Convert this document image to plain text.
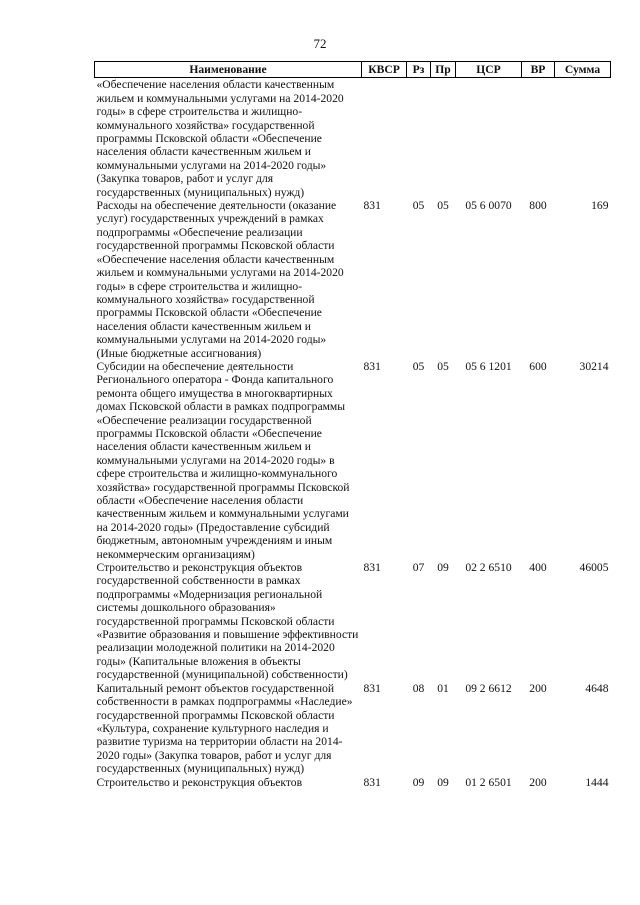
72
Наименование	КВСР	Рз	Пр	ЦСР	ВР	Сумма
«Обеспечение населения области качественным жильем и коммунальными услугами на 2014-2020 годы» в сфере строительства и жилищно-коммунального хозяйства» государственной программы Псковской области «Обеспечение населения области качественным жильем и коммунальными услугами на 2014-2020 годы» (Закупка товаров, работ и услуг для государственных (муниципальных) нужд)						
Расходы на обеспечение деятельности (оказание услуг) государственных учреждений в рамках подпрограммы «Обеспечение реализации государственной программы Псковской области «Обеспечение населения области качественным жильем и коммунальными услугами на 2014-2020 годы» в сфере строительства и жилищно-коммунального хозяйства» государственной программы Псковской области «Обеспечение населения области качественным жильем и коммунальными услугами на 2014-2020 годы» (Иные бюджетные ассигнования)	831	05	05	05 6 0070	800	169
Субсидии на обеспечение деятельности Регионального оператора - Фонда капитального ремонта общего имущества в многоквартирных домах Псковской области в рамках подпрограммы «Обеспечение реализации государственной программы Псковской области «Обеспечение населения области качественным жильем и коммунальными услугами на 2014-2020 годы» в сфере строительства и жилищно-коммунального хозяйства» государственной программы Псковской области «Обеспечение населения области качественным жильем и коммунальными услугами на 2014-2020 годы» (Предоставление субсидий бюджетным, автономным учреждениям и иным некоммерческим организациям)	831	05	05	05 6 1201	600	30214
Строительство и реконструкция объектов государственной собственности в рамках подпрограммы «Модернизация региональной системы дошкольного образования» государственной программы Псковской области «Развитие образования и повышение эффективности реализации молодежной политики на 2014-2020 годы» (Капитальные вложения в объекты государственной (муниципальной) собственности)	831	07	09	02 2 6510	400	46005
Капитальный ремонт объектов государственной собственности в рамках подпрограммы «Наследие» государственной программы Псковской области «Культура, сохранение культурного наследия и развитие туризма на территории области на 2014-2020 годы» (Закупка товаров, работ и услуг для государственных (муниципальных) нужд)	831	08	01	09 2 6612	200	4648
Строительство и реконструкция объектов	831	09	09	01 2 6501	200	1444
